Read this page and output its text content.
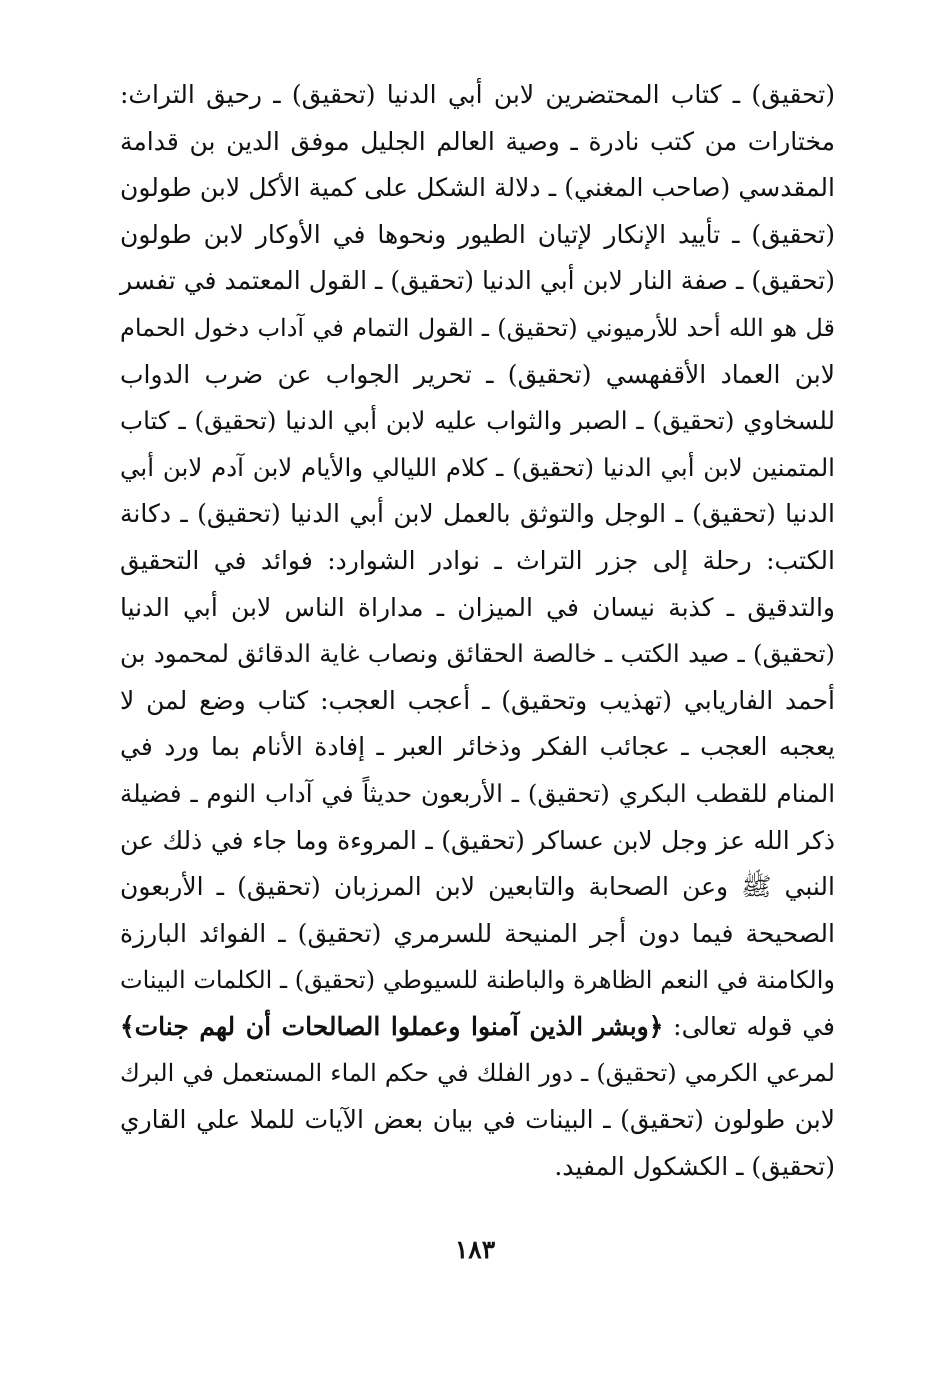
(تحقيق) ـ كتاب المحتضرين لابن أبي الدنيا (تحقيق) ـ رحيق التراث:
مختارات من كتب نادرة ـ وصية العالم الجليل موفق الدين بن قدامة
المقدسي (صاحب المغني) ـ دلالة الشكل على كمية الأكل لابن طولون
(تحقيق) ـ تأييد الإنكار لإتيان الطيور ونحوها في الأوكار لابن طولون
(تحقيق) ـ صفة النار لابن أبي الدنيا (تحقيق) ـ القول المعتمد في تفسر
قل هو الله أحد للأرميوني (تحقيق) ـ القول التمام في آداب دخول الحمام
لابن العماد الأقفهسي (تحقيق) ـ تحرير الجواب عن ضرب الدواب
للسخاوي (تحقيق) ـ الصبر والثواب عليه لابن أبي الدنيا (تحقيق) ـ كتاب
المتمنين لابن أبي الدنيا (تحقيق) ـ كلام الليالي والأيام لابن آدم لابن أبي
الدنيا (تحقيق) ـ الوجل والتوثق بالعمل لابن أبي الدنيا (تحقيق) ـ دكانة
الكتب: رحلة إلى جزر التراث ـ نوادر الشوارد: فوائد في التحقيق
والتدقيق ـ كذبة نيسان في الميزان ـ مداراة الناس لابن أبي الدنيا
(تحقيق) ـ صيد الكتب ـ خالصة الحقائق ونصاب غاية الدقائق لمحمود بن
أحمد الفاريابي (تهذيب وتحقيق) ـ أعجب العجب: كتاب وضع لمن لا
يعجبه العجب ـ عجائب الفكر وذخائر العبر ـ إفادة الأنام بما ورد في
المنام للقطب البكري (تحقيق) ـ الأربعون حديثاً في آداب النوم ـ فضيلة
ذكر الله عز وجل لابن عساكر (تحقيق) ـ المروءة وما جاء في ذلك عن
النبي ﷺ وعن الصحابة والتابعين لابن المرزبان (تحقيق) ـ الأربعون
الصحيحة فيما دون أجر المنيحة للسرمري (تحقيق) ـ الفوائد البارزة
والكامنة في النعم الظاهرة والباطنة للسيوطي (تحقيق) ـ الكلمات البينات
في قوله تعالى: ﴿وبشر الذين آمنوا وعملوا الصالحات أن لهم جنات﴾
لمرعي الكرمي (تحقيق) ـ دور الفلك في حكم الماء المستعمل في البرك
لابن طولون (تحقيق) ـ البينات في بيان بعض الآيات للملا علي القاري
(تحقيق) ـ الكشكول المفيد.
١٨٣
